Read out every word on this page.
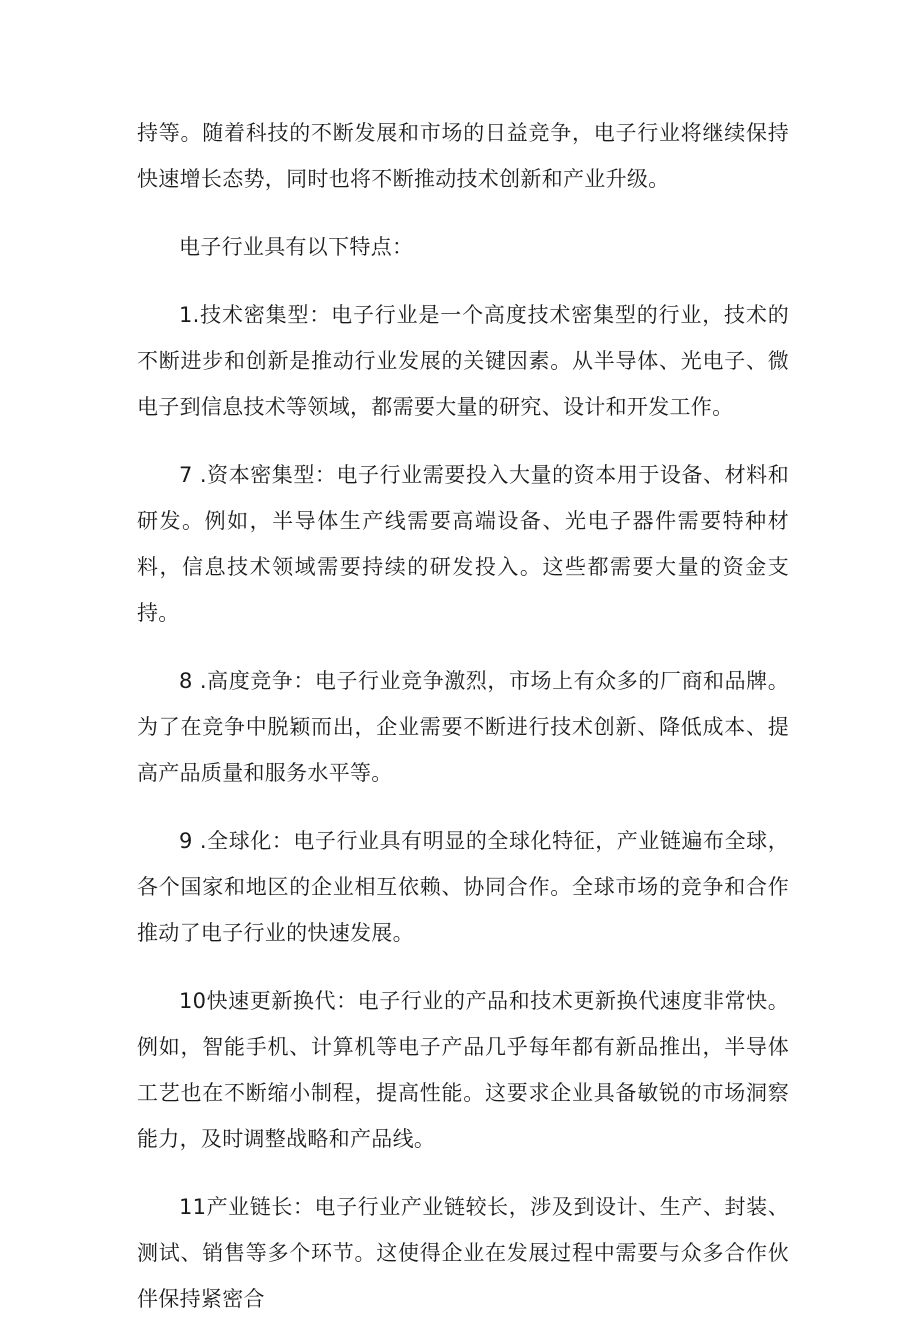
持等。随着科技的不断发展和市场的日益竞争，电子行业将继续保持快速增长态势，同时也将不断推动技术创新和产业升级。

电子行业具有以下特点：

1.技术密集型：电子行业是一个高度技术密集型的行业，技术的不断进步和创新是推动行业发展的关键因素。从半导体、光电子、微电子到信息技术等领域，都需要大量的研究、设计和开发工作。

7 .资本密集型：电子行业需要投入大量的资本用于设备、材料和研发。例如，半导体生产线需要高端设备、光电子器件需要特种材料，信息技术领域需要持续的研发投入。这些都需要大量的资金支持。

8 .高度竞争：电子行业竞争激烈，市场上有众多的厂商和品牌。为了在竞争中脱颖而出，企业需要不断进行技术创新、降低成本、提高产品质量和服务水平等。

9 .全球化：电子行业具有明显的全球化特征，产业链遍布全球，各个国家和地区的企业相互依赖、协同合作。全球市场的竞争和合作推动了电子行业的快速发展。

10快速更新换代：电子行业的产品和技术更新换代速度非常快。例如，智能手机、计算机等电子产品几乎每年都有新品推出，半导体工艺也在不断缩小制程，提高性能。这要求企业具备敏锐的市场洞察能力，及时调整战略和产品线。

11产业链长：电子行业产业链较长，涉及到设计、生产、封装、测试、销售等多个环节。这使得企业在发展过程中需要与众多合作伙伴保持紧密合
